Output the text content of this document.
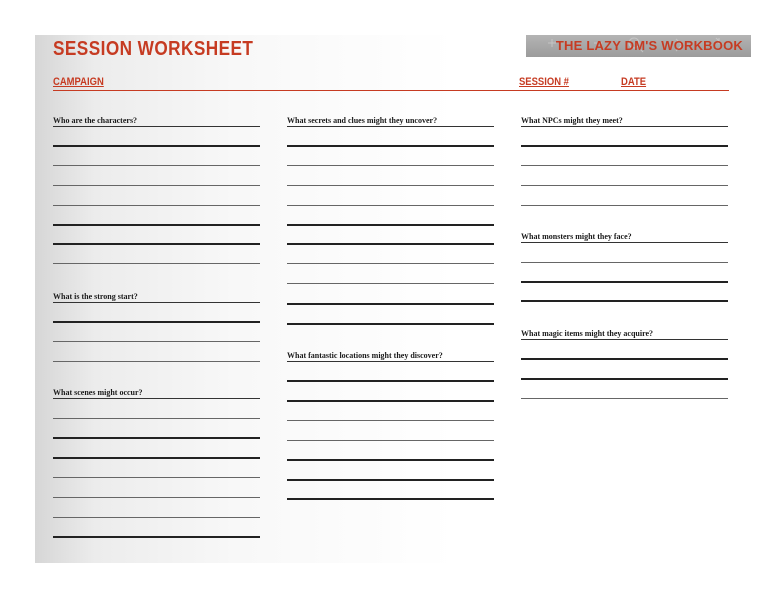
SESSION WORKSHEET	THE LAZY DM'S WORKBOOK
CAMPAIGN	SESSION #	DATE
Who are the characters?
What is the strong start?
What scenes might occur?
What secrets and clues might they uncover?
What fantastic locations might they discover?
What NPCs might they meet?
What monsters might they face?
What magic items might they acquire?
